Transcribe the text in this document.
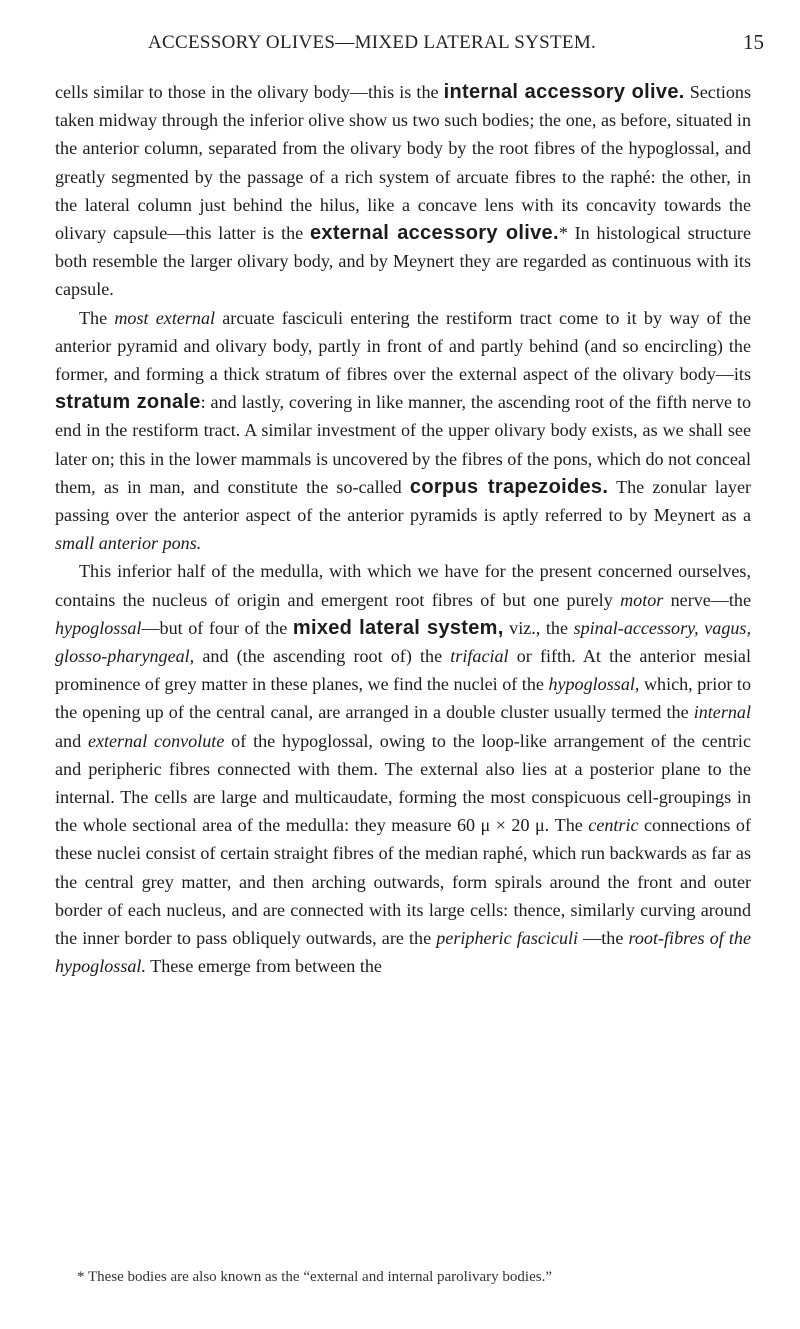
ACCESSORY OLIVES—MIXED LATERAL SYSTEM.	15

cells similar to those in the olivary body—this is the internal accessory olive. Sections taken midway through the inferior olive show us two such bodies; the one, as before, situated in the anterior column, separated from the olivary body by the root fibres of the hypoglossal, and greatly segmented by the passage of a rich system of arcuate fibres to the raphé: the other, in the lateral column just behind the hilus, like a concave lens with its concavity towards the olivary capsule—this latter is the external accessory olive.* In histological structure both resemble the larger olivary body, and by Meynert they are regarded as continuous with its capsule.

The most external arcuate fasciculi entering the restiform tract come to it by way of the anterior pyramid and olivary body, partly in front of and partly behind (and so encircling) the former, and forming a thick stratum of fibres over the external aspect of the olivary body—its stratum zonale: and lastly, covering in like manner, the ascending root of the fifth nerve to end in the restiform tract. A similar investment of the upper olivary body exists, as we shall see later on; this in the lower mammals is uncovered by the fibres of the pons, which do not conceal them, as in man, and constitute the so-called corpus trapezoides. The zonular layer passing over the anterior aspect of the anterior pyramids is aptly referred to by Meynert as a small anterior pons.

This inferior half of the medulla, with which we have for the present concerned ourselves, contains the nucleus of origin and emergent root fibres of but one purely motor nerve—the hypoglossal—but of four of the mixed lateral system, viz., the spinal-accessory, vagus, glosso-pharyngeal, and (the ascending root of) the trifacial or fifth. At the anterior mesial prominence of grey matter in these planes, we find the nuclei of the hypoglossal, which, prior to the opening up of the central canal, are arranged in a double cluster usually termed the internal and external convolute of the hypoglossal, owing to the loop-like arrangement of the centric and peripheric fibres connected with them. The external also lies at a posterior plane to the internal. The cells are large and multicaudate, forming the most conspicuous cell-groupings in the whole sectional area of the medulla: they measure 60 μ × 20 μ. The centric connections of these nuclei consist of certain straight fibres of the median raphé, which run backwards as far as the central grey matter, and then arching outwards, form spirals around the front and outer border of each nucleus, and are connected with its large cells: thence, similarly curving around the inner border to pass obliquely outwards, are the peripheric fasciculi —the root-fibres of the hypoglossal. These emerge from between the

* These bodies are also known as the “external and internal parolivary bodies.”
